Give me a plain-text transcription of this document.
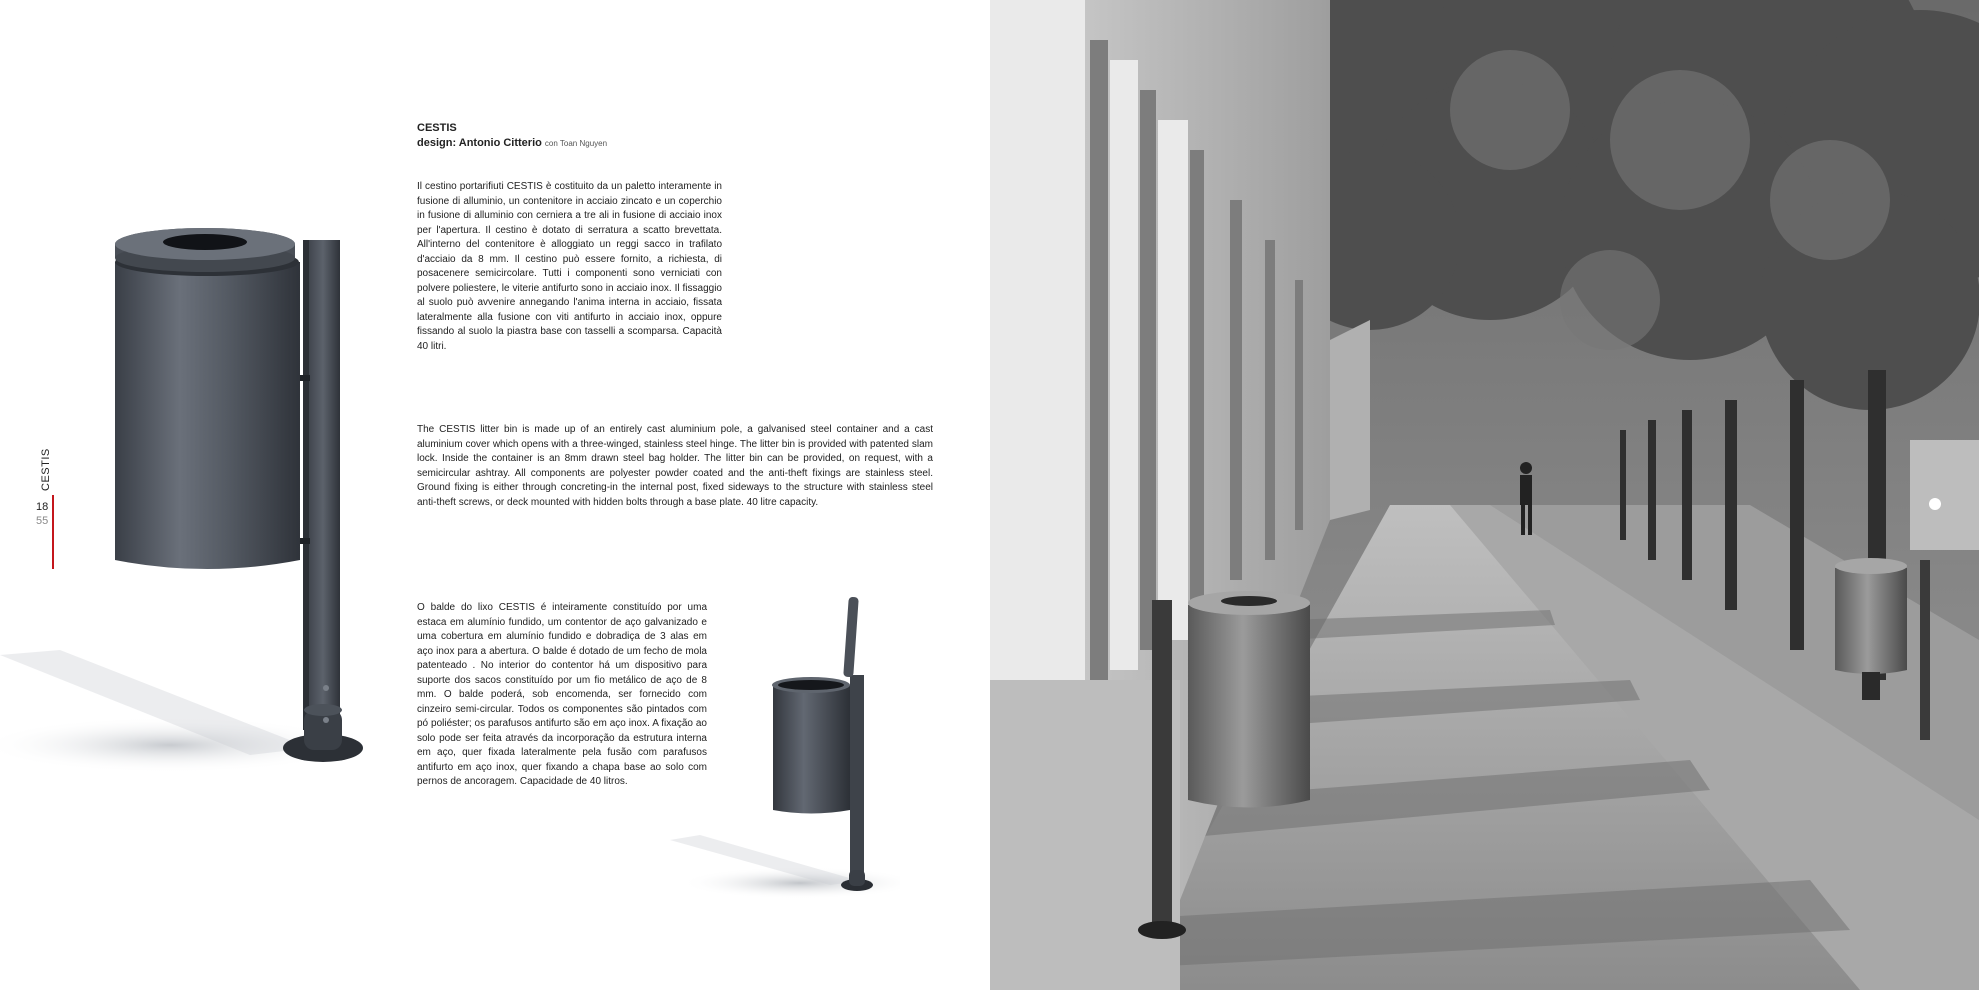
CESTIS
18
55
CESTIS
design: Antonio Citterio con Toan Nguyen
Il cestino portarifiuti CESTIS è costituito da un paletto interamente in fusione di alluminio, un contenitore in acciaio zincato e un coperchio in fusione di alluminio con cerniera a tre ali in fusione di acciaio inox per l'apertura. Il cestino è dotato di serratura a scatto brevettata. All'interno del contenitore è alloggiato un reggi sacco in trafilato d'acciaio da 8 mm. Il cestino può essere fornito, a richiesta, di posacenere semicircolare. Tutti i componenti sono verniciati con polvere poliestere, le viterie antifurto sono in acciaio inox. Il fissaggio al suolo può avvenire annegando l'anima interna in acciaio, fissata lateralmente alla fusione con viti antifurto in acciaio inox, oppure fissando al suolo la piastra base con tasselli a scomparsa. Capacità 40 litri.
The CESTIS litter bin is made up of an entirely cast aluminium pole, a galvanised steel container and a cast aluminium cover which opens with a three-winged, stainless steel hinge. The litter bin is provided with patented slam lock. Inside the container is an 8mm drawn steel bag holder. The litter bin can be provided, on request, with a semicircular ashtray. All components are polyester powder coated and the anti-theft fixings are stainless steel. Ground fixing is either through concreting-in the internal post, fixed sideways to the structure with stainless steel anti-theft screws, or deck mounted with hidden bolts through a base plate. 40 litre capacity.
O balde do lixo CESTIS é inteiramente constituído por uma estaca em alumínio fundido, um contentor de aço galvanizado e uma cobertura em alumínio fundido e dobradiça de 3 alas em aço inox para a abertura. O balde é dotado de um fecho de mola patenteado . No interior do contentor há um dispositivo para suporte dos sacos constituído por um fio metálico de aço de 8 mm. O balde poderá, sob encomenda, ser fornecido com cinzeiro semi-circular. Todos os componentes são pintados com pó poliéster; os parafusos antifurto são em aço inox. A fixação ao solo pode ser feita através da incorporação da estrutura interna em aço, quer fixada lateralmente pela fusão com parafusos antifurto em aço inox, quer fixando a chapa base ao solo com pernos de ancoragem. Capacidade de 40 litros.
